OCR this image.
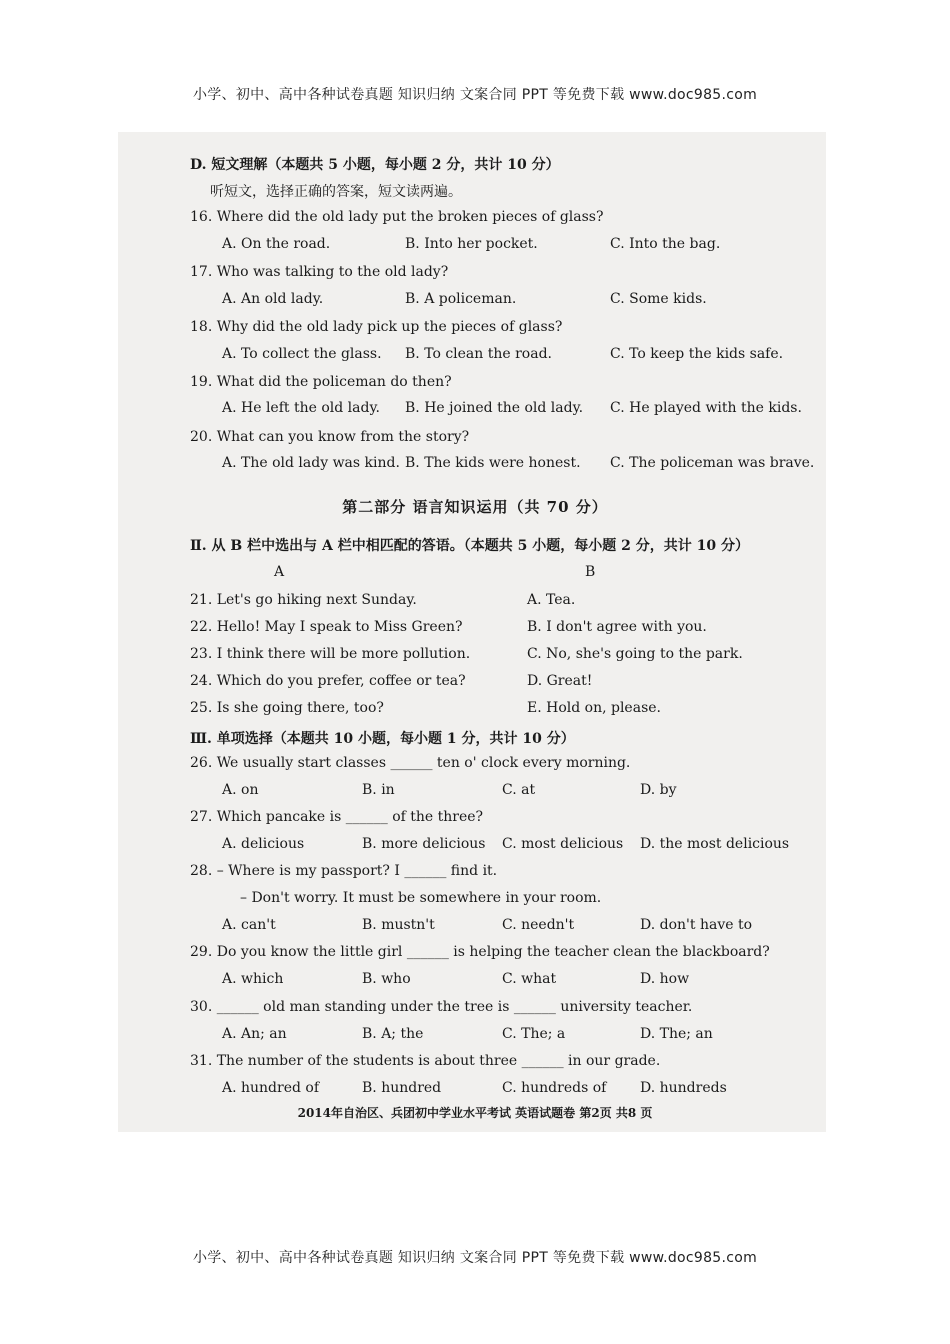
小学、初中、高中各种试卷真题 知识归纳 文案合同 PPT 等免费下载 www.doc985.com
D. 短文理解（本题共 5 小题，每小题 2 分，共计 10 分）
听短文，选择正确的答案，短文读两遍。
16. Where did the old lady put the broken pieces of glass?
A. On the road.	B. Into her pocket.	C. Into the bag.
17. Who was talking to the old lady?
A. An old lady.	B. A policeman.	C. Some kids.
18. Why did the old lady pick up the pieces of glass?
A. To collect the glass. B. To clean the road.	C. To keep the kids safe.
19. What did the policeman do then?
A. He left the old lady. B. He joined the old lady. C. He played with the kids.
20. What can you know from the story?
A. The old lady was kind. B. The kids were honest. C. The policeman was brave.
第二部分 语言知识运用（共 70 分）
Ⅱ. 从 B 栏中选出与 A 栏中相匹配的答语。（本题共 5 小题，每小题 2 分，共计 10 分）
A	B
21. Let's go hiking next Sunday.	A. Tea.
22. Hello! May I speak to Miss Green?	B. I don't agree with you.
23. I think there will be more pollution.	C. No, she's going to the park.
24. Which do you prefer, coffee or tea?	D. Great!
25. Is she going there, too?	E. Hold on, please.
Ⅲ. 单项选择（本题共 10 小题，每小题 1 分，共计 10 分）
26. We usually start classes ______ ten o' clock every morning.
A. on	B. in	C. at	D. by
27. Which pancake is ______ of the three?
A. delicious	B. more delicious C. most delicious D. the most delicious
28. – Where is my passport? I ______ find it.
– Don't worry. It must be somewhere in your room.
A. can't	B. mustn't	C. needn't	D. don't have to
29. Do you know the little girl ______ is helping the teacher clean the blackboard?
A. which	B. who	C. what	D. how
30. ______ old man standing under the tree is ______ university teacher.
A. An; an	B. A; the	C. The; a	D. The; an
31. The number of the students is about three ______ in our grade.
A. hundred of	B. hundred	C. hundreds of D. hundreds
2014年自治区、兵团初中学业水平考试 英语试题卷 第2页 共8 页
小学、初中、高中各种试卷真题 知识归纳 文案合同 PPT 等免费下载 www.doc985.com
